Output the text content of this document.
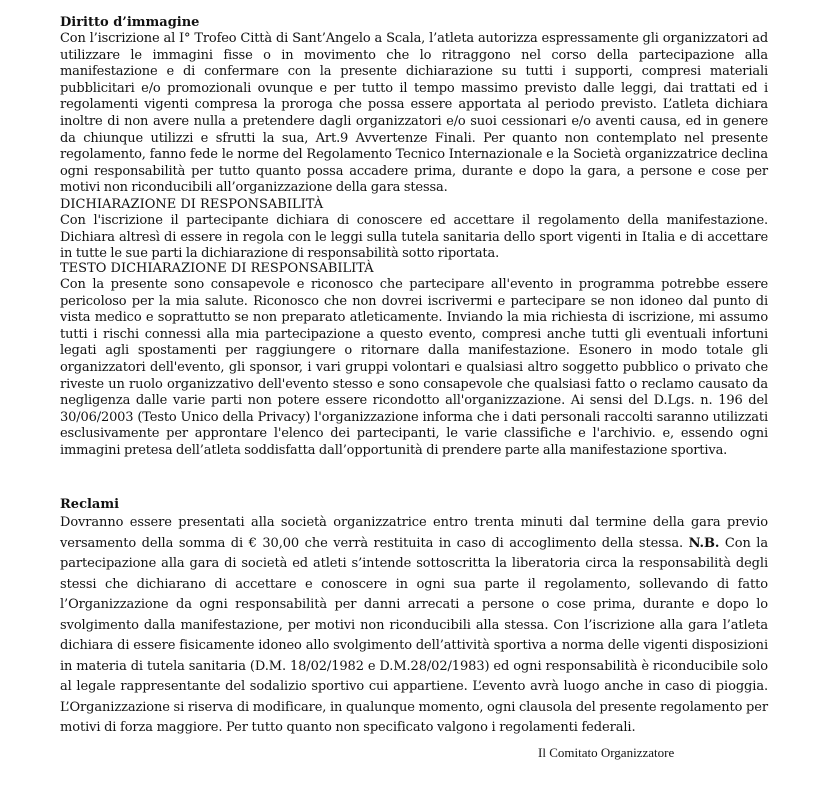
Diritto d’immagine
Con l’iscrizione al I° Trofeo Città di Sant’Angelo a Scala, l’atleta autorizza espressamente gli organizzatori ad utilizzare le immagini fisse o in movimento che lo ritraggono nel corso della partecipazione alla manifestazione e di confermare con la presente dichiarazione su tutti i supporti, compresi materiali pubblicitari e/o promozionali ovunque e per tutto il tempo massimo previsto dalle leggi, dai trattati ed i regolamenti vigenti compresa la proroga che possa essere apportata al periodo previsto. L’atleta dichiara inoltre di non avere nulla a pretendere dagli organizzatori e/o suoi cessionari e/o aventi causa, ed in genere da chiunque utilizzi e sfrutti la sua, Art.9 Avvertenze Finali. Per quanto non contemplato nel presente regolamento, fanno fede le norme del Regolamento Tecnico Internazionale e la Società organizzatrice declina ogni responsabilità per tutto quanto possa accadere prima, durante e dopo la gara, a persone e cose per motivi non riconducibili all’organizzazione della gara stessa.
DICHIARAZIONE DI RESPONSABILITÀ
Con l'iscrizione il partecipante dichiara di conoscere ed accettare il regolamento della manifestazione. Dichiara altresì di essere in regola con le leggi sulla tutela sanitaria dello sport vigenti in Italia e di accettare in tutte le sue parti la dichiarazione di responsabilità sotto riportata.
TESTO DICHIARAZIONE DI RESPONSABILITÀ
Con la presente sono consapevole e riconosco che partecipare all'evento in programma potrebbe essere pericoloso per la mia salute. Riconosco che non dovrei iscrivermi e partecipare se non idoneo dal punto di vista medico e soprattutto se non preparato atleticamente. Inviando la mia richiesta di iscrizione, mi assumo tutti i rischi connessi alla mia partecipazione a questo evento, compresi anche tutti gli eventuali infortuni legati agli spostamenti per raggiungere o ritornare dalla manifestazione. Esonero in modo totale gli organizzatori dell'evento, gli sponsor, i vari gruppi volontari e qualsiasi altro soggetto pubblico o privato che riveste un ruolo organizzativo dell'evento stesso e sono consapevole che qualsiasi fatto o reclamo causato da negligenza dalle varie parti non potere essere ricondotto all'organizzazione. Ai sensi del D.Lgs. n. 196 del 30/06/2003 (Testo Unico della Privacy) l'organizzazione informa che i dati personali raccolti saranno utilizzati esclusivamente per approntare l'elenco dei partecipanti, le varie classifiche e l'archivio. e, essendo ogni immagini pretesa dell’atleta soddisfatta dall’opportunità di prendere parte alla manifestazione sportiva.
Reclami
Dovranno essere presentati alla società organizzatrice entro trenta minuti dal termine della gara previo versamento della somma di € 30,00 che verrà restituita in caso di accoglimento della stessa. N.B. Con la partecipazione alla gara di società ed atleti s’intende sottoscritta la liberatoria circa la responsabilità degli stessi che dichiarano di accettare e conoscere in ogni sua parte il regolamento, sollevando di fatto l’Organizzazione da ogni responsabilità per danni arrecati a persone o cose prima, durante e dopo lo svolgimento dalla manifestazione, per motivi non riconducibili alla stessa. Con l’iscrizione alla gara l’atleta dichiara di essere fisicamente idoneo allo svolgimento dell’attività sportiva a norma delle vigenti disposizioni in materia di tutela sanitaria (D.M. 18/02/1982 e D.M.28/02/1983) ed ogni responsabilità è riconducibile solo al legale rappresentante del sodalizio sportivo cui appartiene. L’evento avrà luogo anche in caso di pioggia. L’Organizzazione si riserva di modificare, in qualunque momento, ogni clausola del presente regolamento per motivi di forza maggiore. Per tutto quanto non specificato valgono i regolamenti federali.
Il Comitato Organizzatore
